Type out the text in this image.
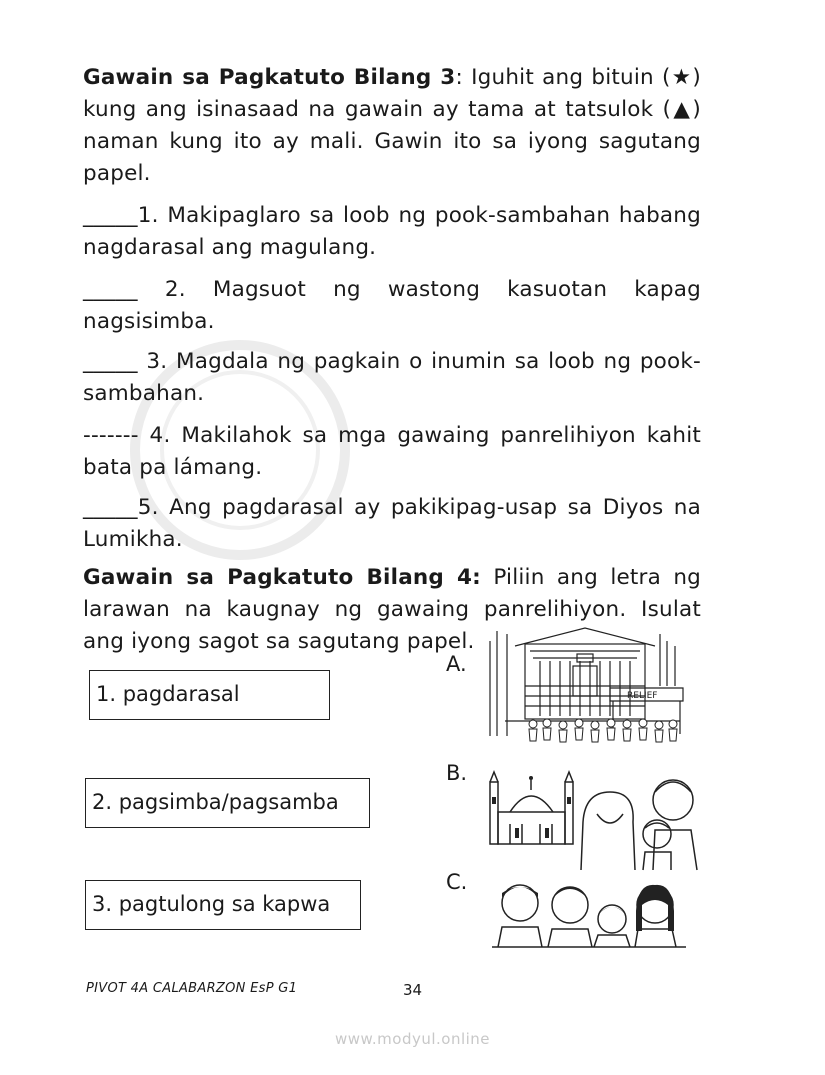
Gawain sa Pagkatuto Bilang 3: Iguhit ang bituin (★) kung ang isinasaad na gawain ay tama at tatsulok (▲) naman kung ito ay mali. Gawin ito sa iyong sagutang papel.
_____1. Makipaglaro sa loob ng pook-sambahan habang nagdarasal ang magulang.
_____ 2. Magsuot ng wastong kasuotan kapag nagsisimba.
_____ 3. Magdala ng pagkain o inumin sa loob ng pook-sambahan.
------- 4. Makilahok sa mga gawaing panrelihiyon kahit bata pa lámang.
_____5. Ang pagdarasal ay pakikipag-usap sa Diyos na Lumikha.
Gawain sa Pagkatuto Bilang 4: Piliin ang letra ng larawan na kaugnay ng gawaing panrelihiyon. Isulat ang iyong sagot sa sagutang papel.
1. pagdarasal
2. pagsimba/pagsamba
3. pagtulong sa kapwa
A.
B.
C.
RELIEF
PIVOT 4A CALABARZON EsP G1	34
www.modyul.online
